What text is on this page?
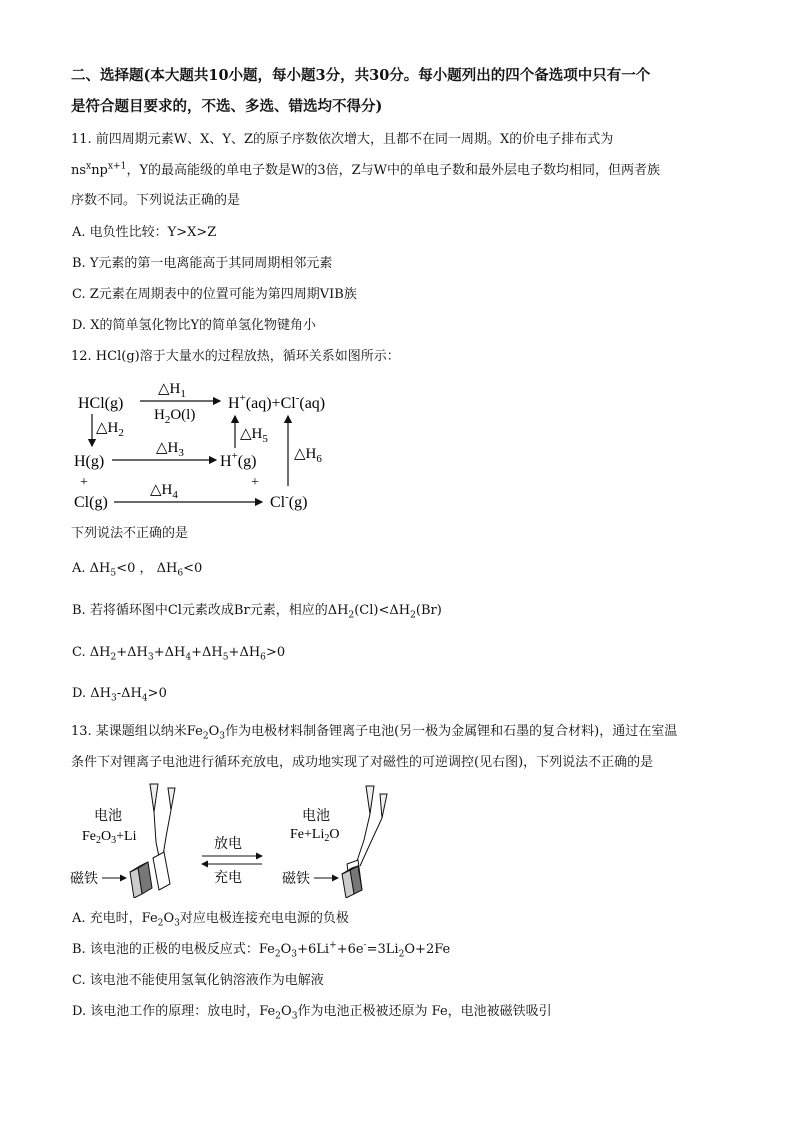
二、选择题(本大题共10小题，每小题3分，共30分。每小题列出的四个备选项中只有一个
是符合题目要求的，不选、多选、错选均不得分)
11. 前四周期元素W、X、Y、Z的原子序数依次增大，且都不在同一周期。X的价电子排布式为
$ns^xnp^{x+1}$，Y的最高能级的单电子数是W的3倍，Z与W中的单电子数和最外层电子数均相同，但两者族
序数不同。下列说法正确的是
A. 电负性比较：Y>X>Z
B. Y元素的第一电离能高于其同周期相邻元素
C. Z元素在周期表中的位置可能为第四周期VIB族
D. X的简单氢化物比Y的简单氢化物键角小
12. HCl(g)溶于大量水的过程放热，循环关系如图所示：
HCl(g)
$\triangle H_1$
$H_2O(l)$
H+(aq)+Cl-(aq)
$\triangle H_2$	$\triangle H_5$
$\triangle H_6$
H(g)
$\triangle H_3$ H+(g)
+	+
Cl(g)
$\triangle H_4$	Cl-(g)
下列说法不正确的是
A. $\Delta H_5<0$ ， $\Delta H_6<0$
B. 若将循环图中Cl元素改成Br元素，相应的$\Delta H_2(Cl)<\Delta H_2(Br)$
C. $\Delta H_2+\Delta H_3+\Delta H_4+\Delta H_5+\Delta H_6>0$
D. $\Delta H_3-\Delta H_4>0$
13. 某课题组以纳米$Fe_2O_3$作为电极材料制备锂离子电池(另一极为金属锂和石墨的复合材料)，通过在室温
条件下对锂离子电池进行循环充放电，成功地实现了对磁性的可逆调控(见右图)，下列说法不正确的是
电池
$Fe_2O_3+Li$
磁铁
放电
充电
电池
$Fe+Li_2O$
磁铁
A. 充电时，$Fe_2O_3$对应电极连接充电电源的负极
B. 该电池的正极的电极反应式：$Fe_2O_3+6Li^++6e^-=3Li_2O+2Fe$
C. 该电池不能使用氢氧化钠溶液作为电解液
D. 该电池工作的原理：放电时，$Fe_2O_3$作为电池正极被还原为 Fe，电池被磁铁吸引
